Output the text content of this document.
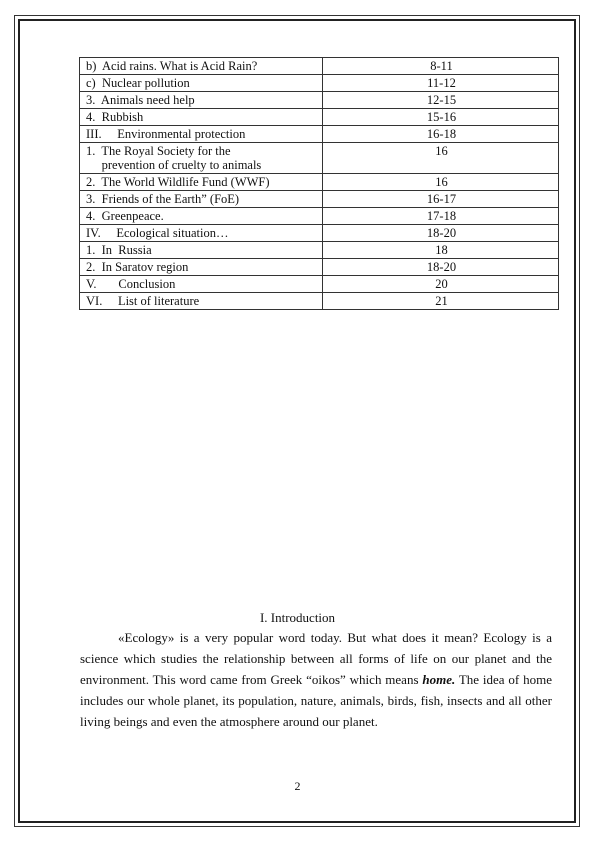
b)  Acid rains. What is Acid Rain?	8-11
c)  Nuclear pollution	11-12
3.  Animals need help	12-15
4.  Rubbish	15-16
III.     Environmental protection	16-18
1.  The Royal Society for the
prevention of cruelty to animals	16
2.  The World Wildlife Fund (WWF)	16
3.  Friends of the Earth” (FoE)	16-17
4.  Greenpeace.	17-18
IV.     Ecological situation…	18-20
1.  In  Russia	18
2.  In Saratov region	18-20
V.       Conclusion	20
VI.     List of literature	21
I. Introduction
«Ecology» is a very popular word today. But what does it mean? Ecology is a science which studies the relationship between all forms of life on our planet and the environment. This word came from Greek “oikos” which means home. The idea of home includes our whole planet, its population, nature, animals, birds, fish, insects and all other living beings and even the atmosphere around our planet.
2
